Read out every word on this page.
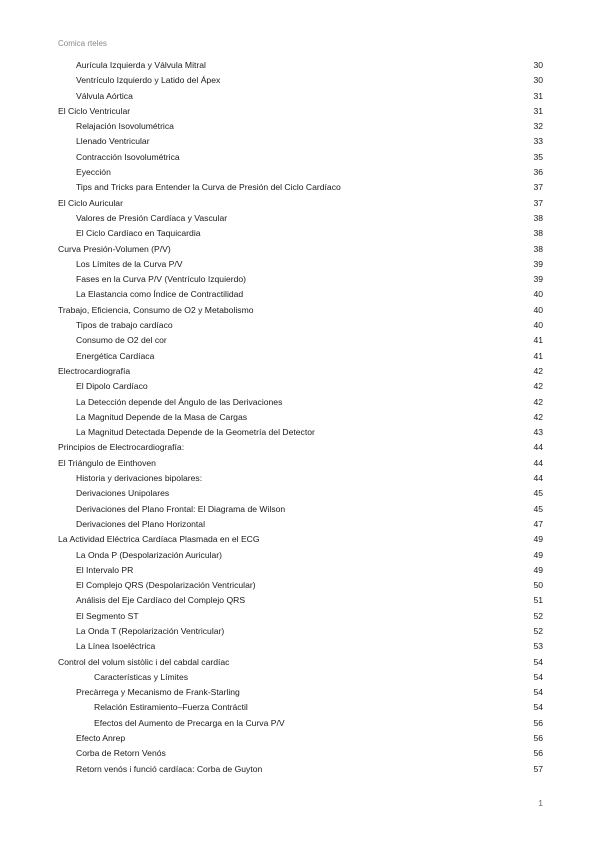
Comica rteles
Aurícula Izquierda y Válvula Mitral	30
Ventrículo Izquierdo y Latido del Ápex	30
Válvula Aórtica	31
El Ciclo Ventricular	31
Relajación Isovolumétrica	32
Llenado Ventricular	33
Contracción Isovolumétrica	35
Eyección	36
Tips and Tricks para Entender la Curva de Presión del Ciclo Cardíaco	37
El Ciclo Auricular	37
Valores de Presión Cardíaca y Vascular	38
El Ciclo Cardíaco en Taquicardia	38
Curva Presión-Volumen (P/V)	38
Los Límites de la Curva P/V	39
Fases en la Curva P/V (Ventrículo Izquierdo)	39
La Elastancia como Índice de Contractilidad	40
Trabajo, Eficiencia, Consumo de O2 y Metabolismo	40
Tipos de trabajo cardíaco	40
Consumo de O2 del cor	41
Energética Cardíaca	41
Electrocardiografía	42
El Dipolo Cardíaco	42
La Detección depende del Ángulo de las Derivaciones	42
La Magnitud Depende de la Masa de Cargas	42
La Magnitud Detectada Depende de la Geometría del Detector	43
Principios de Electrocardiografía:	44
El Triángulo de Einthoven	44
Historia y derivaciones bipolares:	44
Derivaciones Unipolares	45
Derivaciones del Plano Frontal: El Diagrama de Wilson	45
Derivaciones del Plano Horizontal	47
La Actividad Eléctrica Cardíaca Plasmada en el ECG	49
La Onda P (Despolarización Auricular)	49
El Intervalo PR	49
El Complejo QRS (Despolarización Ventricular)	50
Análisis del Eje Cardíaco del Complejo QRS	51
El Segmento ST	52
La Onda T (Repolarización Ventricular)	52
La Línea Isoeléctrica	53
Control del volum sistòlic i del cabdal cardíac	54
Características y Límites	54
Precàrrega y Mecanismo de Frank-Starling	54
Relación Estiramiento–Fuerza Contráctil	54
Efectos del Aumento de Precarga en la Curva P/V	56
Efecto Anrep	56
Corba de Retorn Venós	56
Retorn venós i funció cardíaca: Corba de Guyton	57
1
